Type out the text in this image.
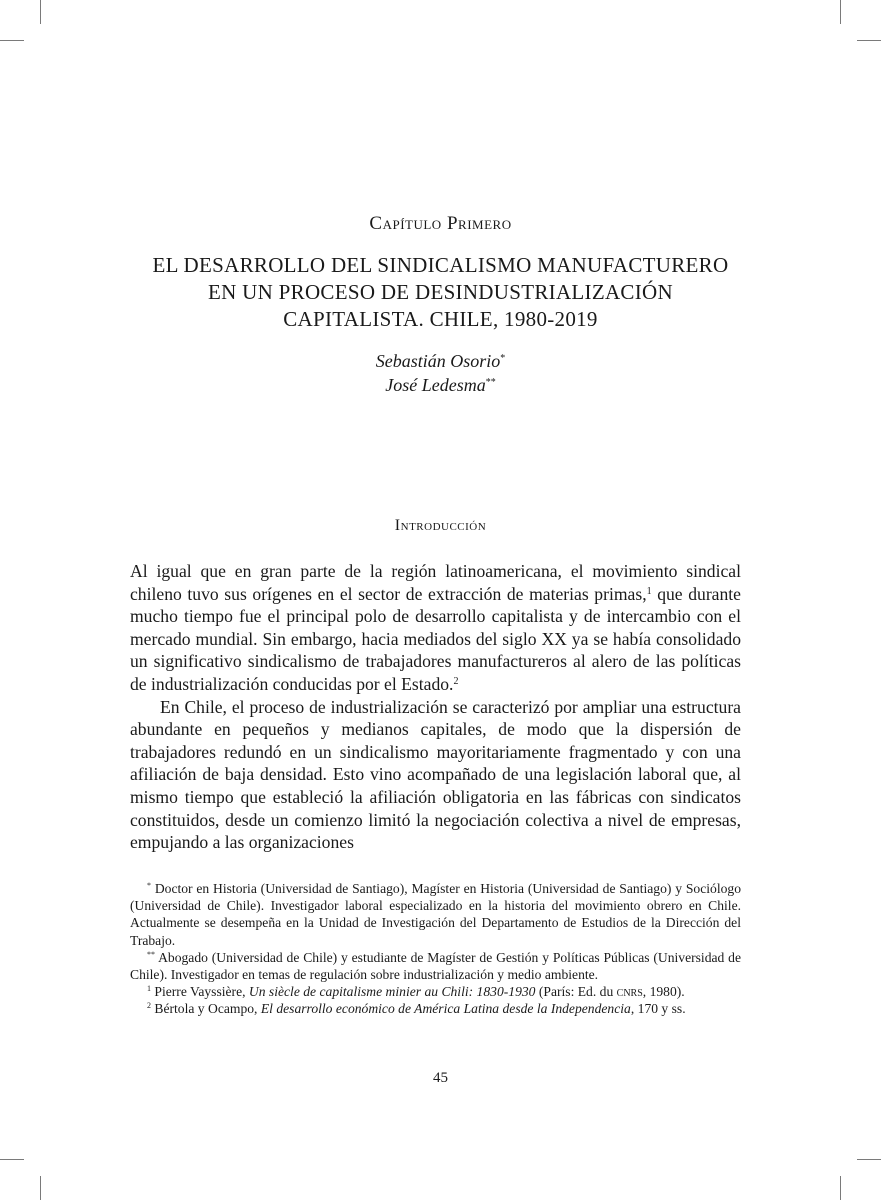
Capítulo Primero
EL DESARROLLO DEL SINDICALISMO MANUFACTURERO
EN UN PROCESO DE DESINDUSTRIALIZACIÓN
CAPITALISTA. CHILE, 1980-2019
Sebastián Osorio*
José Ledesma**
Introducción

Al igual que en gran parte de la región latinoamericana, el movimiento sindical chileno tuvo sus orígenes en el sector de extracción de materias primas,$^1$ que durante mucho tiempo fue el principal polo de desarrollo capitalista y de intercambio con el mercado mundial. Sin embargo, hacia mediados del siglo XX ya se había consolidado un significativo sindicalismo de trabajadores manufactureros al alero de las políticas de industrialización conducidas por el Estado.$^2$

En Chile, el proceso de industrialización se caracterizó por ampliar una estructura abundante en pequeños y medianos capitales, de modo que la dispersión de trabajadores redundó en un sindicalismo mayoritariamente fragmentado y con una afiliación de baja densidad. Esto vino acompañado de una legislación laboral que, al mismo tiempo que estableció la afiliación obligatoria en las fábricas con sindicatos constituidos, desde un comienzo limitó la negociación colectiva a nivel de empresas, empujando a las organizaciones

* Doctor en Historia (Universidad de Santiago), Magíster en Historia (Universidad de Santiago) y Sociólogo (Universidad de Chile). Investigador laboral especializado en la historia del movimiento obrero en Chile. Actualmente se desempeña en la Unidad de Investigación del Departamento de Estudios de la Dirección del Trabajo.

** Abogado (Universidad de Chile) y estudiante de Magíster de Gestión y Políticas Públicas (Universidad de Chile). Investigador en temas de regulación sobre industrialización y medio ambiente.

$^1$ Pierre Vayssière, Un siècle de capitalisme minier au Chili: 1830-1930 (París: Ed. du cnrs, 1980).

$^2$ Bértola y Ocampo, El desarrollo económico de América Latina desde la Independencia, 170 y ss.

45
